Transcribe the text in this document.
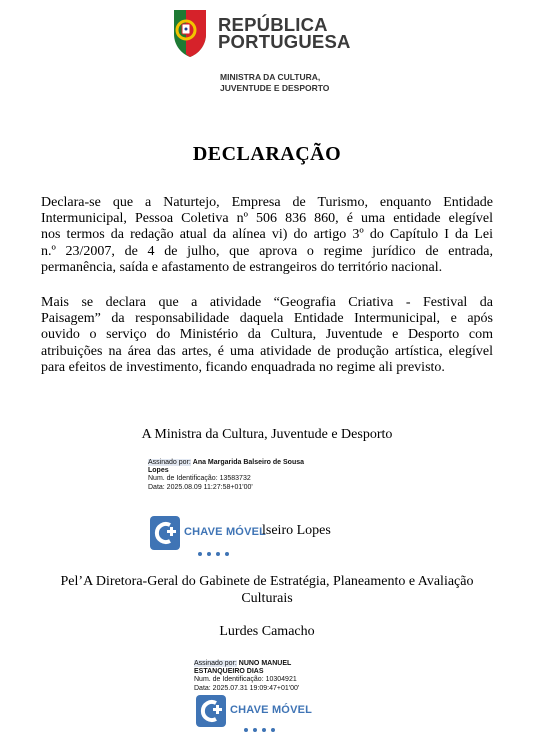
REPÚBLICA
PORTUGUESA
MINISTRA DA CULTURA,
JUVENTUDE E DESPORTO
DECLARAÇÃO
Declara-se que a Naturtejo, Empresa de Turismo, enquanto Entidade
Intermunicipal, Pessoa Coletiva nº 506 836 860, é uma entidade elegível
nos termos da redação atual da alínea vi) do artigo 3º do Capítulo I da Lei
n.º 23/2007, de 4 de julho, que aprova o regime jurídico de entrada,
permanência, saída e afastamento de estrangeiros do território nacional.
Mais se declara que a atividade “Geografia Criativa - Festival da
Paisagem” da responsabilidade daquela Entidade Intermunicipal, e após
ouvido o serviço do Ministério da Cultura, Juventude e Desporto com
atribuições na área das artes, é uma atividade de produção artística, elegível
para efeitos de investimento, ficando enquadrada no regime ali previsto.
A Ministra da Cultura, Juventude e Desporto
Assinado por: Ana Margarida Balseiro de Sousa
Lopes
Num. de Identificação: 13583732
Data: 2025.08.09 11:27:58+01'00'
CHAVE MÓVEL
lseiro Lopes
Pel’A Diretora-Geral do Gabinete de Estratégia, Planeamento e Avaliação
Culturais
Lurdes Camacho
Assinado por: NUNO MANUEL
ESTANQUEIRO DIAS
Num. de Identificação: 10304921
Data: 2025.07.31 19:09:47+01'00'
CHAVE MÓVEL
